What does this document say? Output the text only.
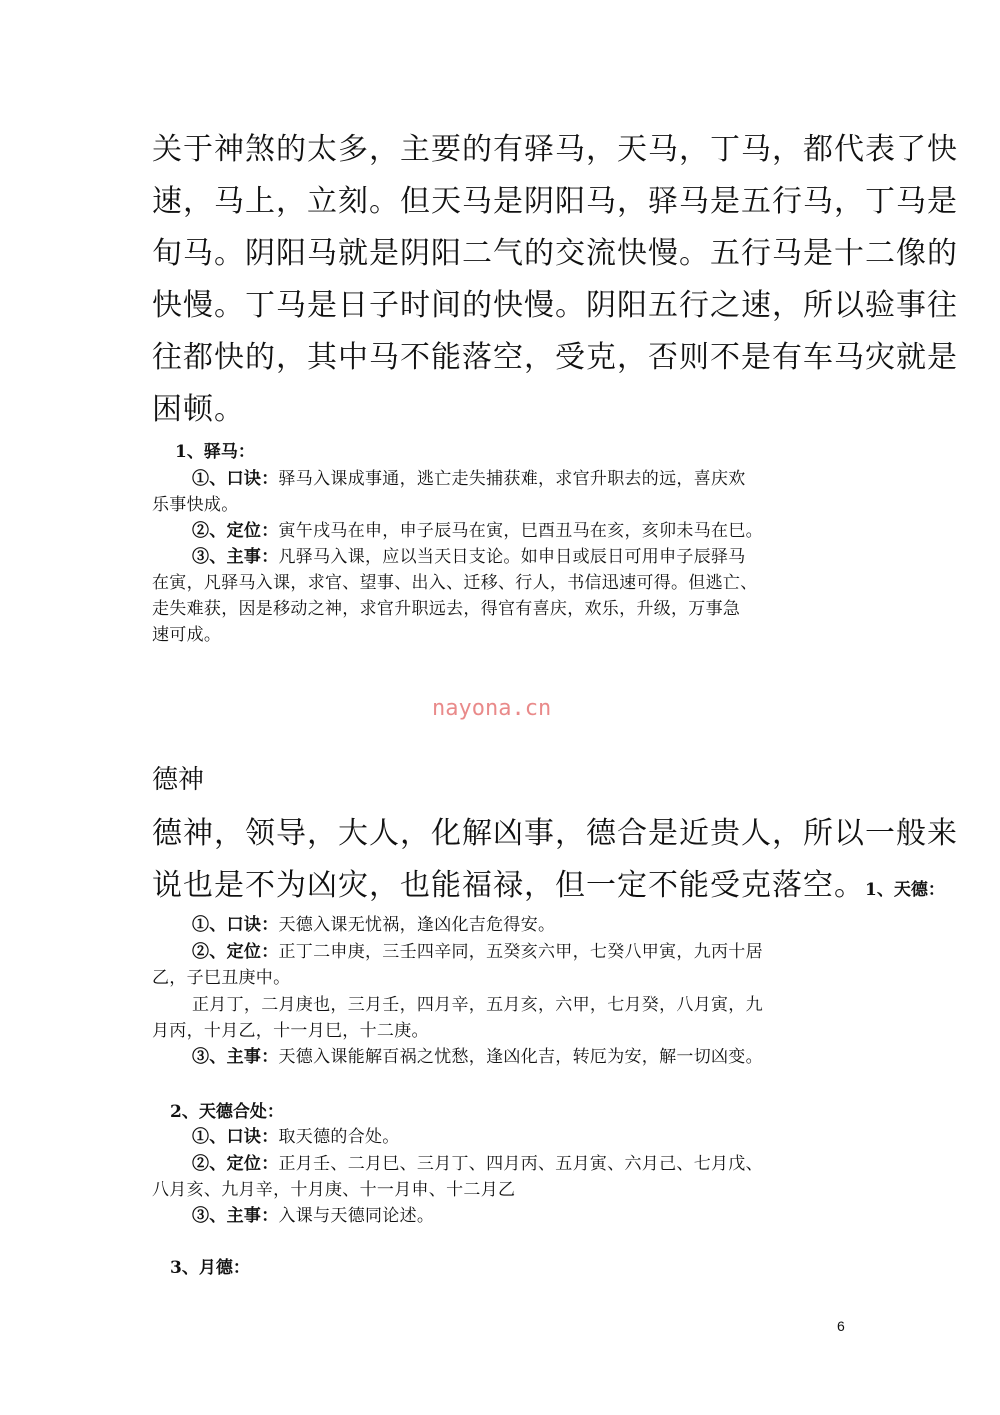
关于神煞的太多，主要的有驿马，天马，丁马，都代表了快
速，马上，立刻。但天马是阴阳马，驿马是五行马，丁马是
旬马。阴阳马就是阴阳二气的交流快慢。五行马是十二像的
快慢。丁马是日子时间的快慢。阴阳五行之速，所以验事往
往都快的，其中马不能落空，受克，否则不是有车马灾就是
困顿。
1、驿马：
①、口诀：驿马入课成事通，逃亡走失捕获难，求官升职去的远，喜庆欢
乐事快成。
②、定位：寅午戌马在申，申子辰马在寅，巳酉丑马在亥，亥卯未马在巳。
③、主事：凡驿马入课，应以当天日支论。如申日或辰日可用申子辰驿马
在寅，凡驿马入课，求官、望事、出入、迁移、行人，书信迅速可得。但逃亡、
走失难获，因是移动之神，求官升职远去，得官有喜庆，欢乐，升级，万事急
速可成。
nayona.cn
德神
德神，领导，大人，化解凶事，德合是近贵人，所以一般来
说也是不为凶灾，也能福禄，但一定不能受克落空。1、天德：
①、口诀：天德入课无忧祸，逢凶化吉危得安。
②、定位：正丁二申庚，三壬四辛同，五癸亥六甲，七癸八甲寅，九丙十居
乙，子巳丑庚中。
正月丁，二月庚也，三月壬，四月辛，五月亥，六甲，七月癸，八月寅，九
月丙，十月乙，十一月巳，十二庚。
③、主事：天德入课能解百祸之忧愁，逢凶化吉，转厄为安，解一切凶变。
2、天德合处：
①、口诀：取天德的合处。
②、定位：正月壬、二月巳、三月丁、四月丙、五月寅、六月己、七月戊、
八月亥、九月辛，十月庚、十一月申、十二月乙
③、主事：入课与天德同论述。
3、月德：
6
